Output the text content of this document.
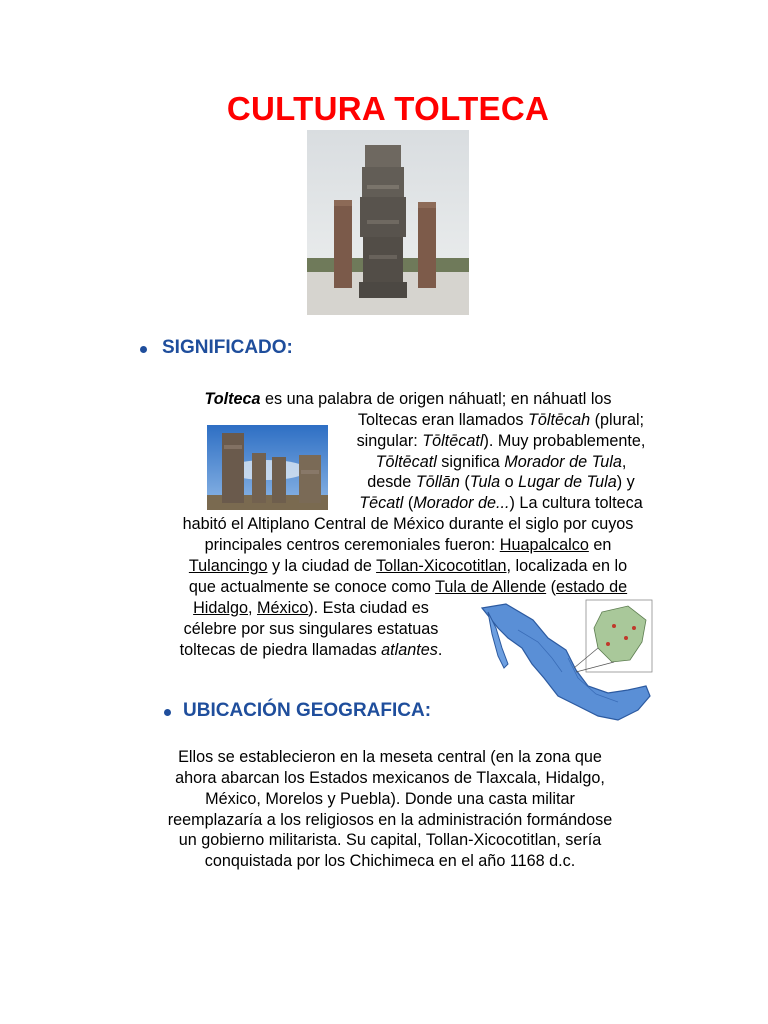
CULTURA TOLTECA
SIGNIFICADO:
Tolteca es una palabra de origen náhuatl; en náhuatl los
Toltecas eran llamados Tōltēcah (plural;
singular: Tōltēcatl). Muy probablemente,
Tōltēcatl significa Morador de Tula,
desde Tōllān (Tula o Lugar de Tula) y
Tēcatl (Morador de...) La cultura tolteca
habitó el Altiplano Central de México durante el siglo por cuyos
principales centros ceremoniales fueron: Huapalcalco en
Tulancingo y la ciudad de Tollan-Xicocotitlan, localizada en lo
que actualmente se conoce como Tula de Allende (estado de
Hidalgo, México). Esta ciudad es
célebre por sus singulares estatuas
toltecas de piedra llamadas atlantes.
UBICACIÓN GEOGRAFICA:
Ellos se establecieron en la meseta central (en la zona que
ahora abarcan los Estados mexicanos de Tlaxcala, Hidalgo,
México, Morelos y Puebla). Donde una casta militar
reemplazaría a los religiosos en la administración formándose
un gobierno militarista. Su capital, Tollan-Xicocotitlan, sería
conquistada por los Chichimeca en el año 1168 d.c.
